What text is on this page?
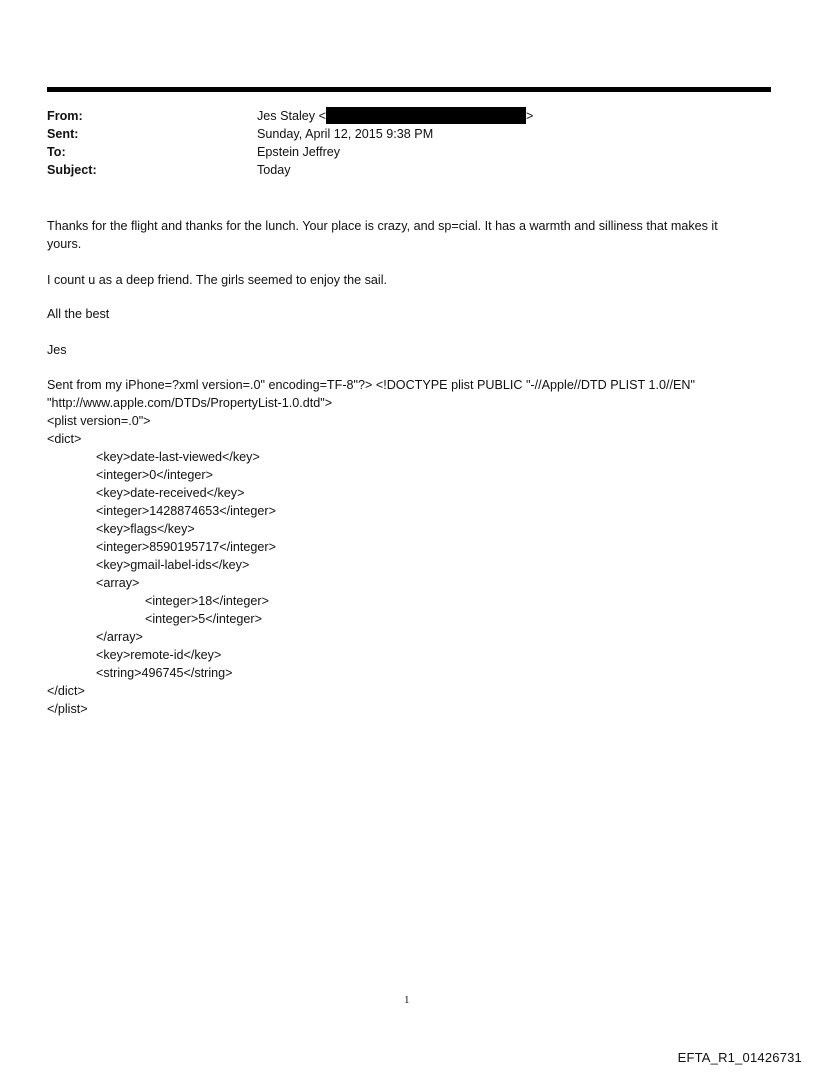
From:	Jes Staley <	>
Sent:	Sunday, April 12, 2015 9:38 PM
To:	Epstein Jeffrey
Subject:	Today
Thanks for the flight and thanks for the lunch. Your place is crazy, and sp=cial. It has a warmth and silliness that makes it
yours.
I count u as a deep friend. The girls seemed to enjoy the sail.
All the best
Jes
Sent from my iPhone=?xml version=.0" encoding=TF-8"?> <!DOCTYPE plist PUBLIC "-//Apple//DTD PLIST 1.0//EN"
"http://www.apple.com/DTDs/PropertyList-1.0.dtd">
<plist version=.0">
<dict>
<key>date-last-viewed</key>
<integer>0</integer>
<key>date-received</key>
<integer>1428874653</integer>
<key>flags</key>
<integer>8590195717</integer>
<key>gmail-label-ids</key>
<array>
<integer>18</integer>
<integer>5</integer>
</array>
<key>remote-id</key>
<string>496745</string>
</dict>
</plist>
1
EFTA_R1_01426731
